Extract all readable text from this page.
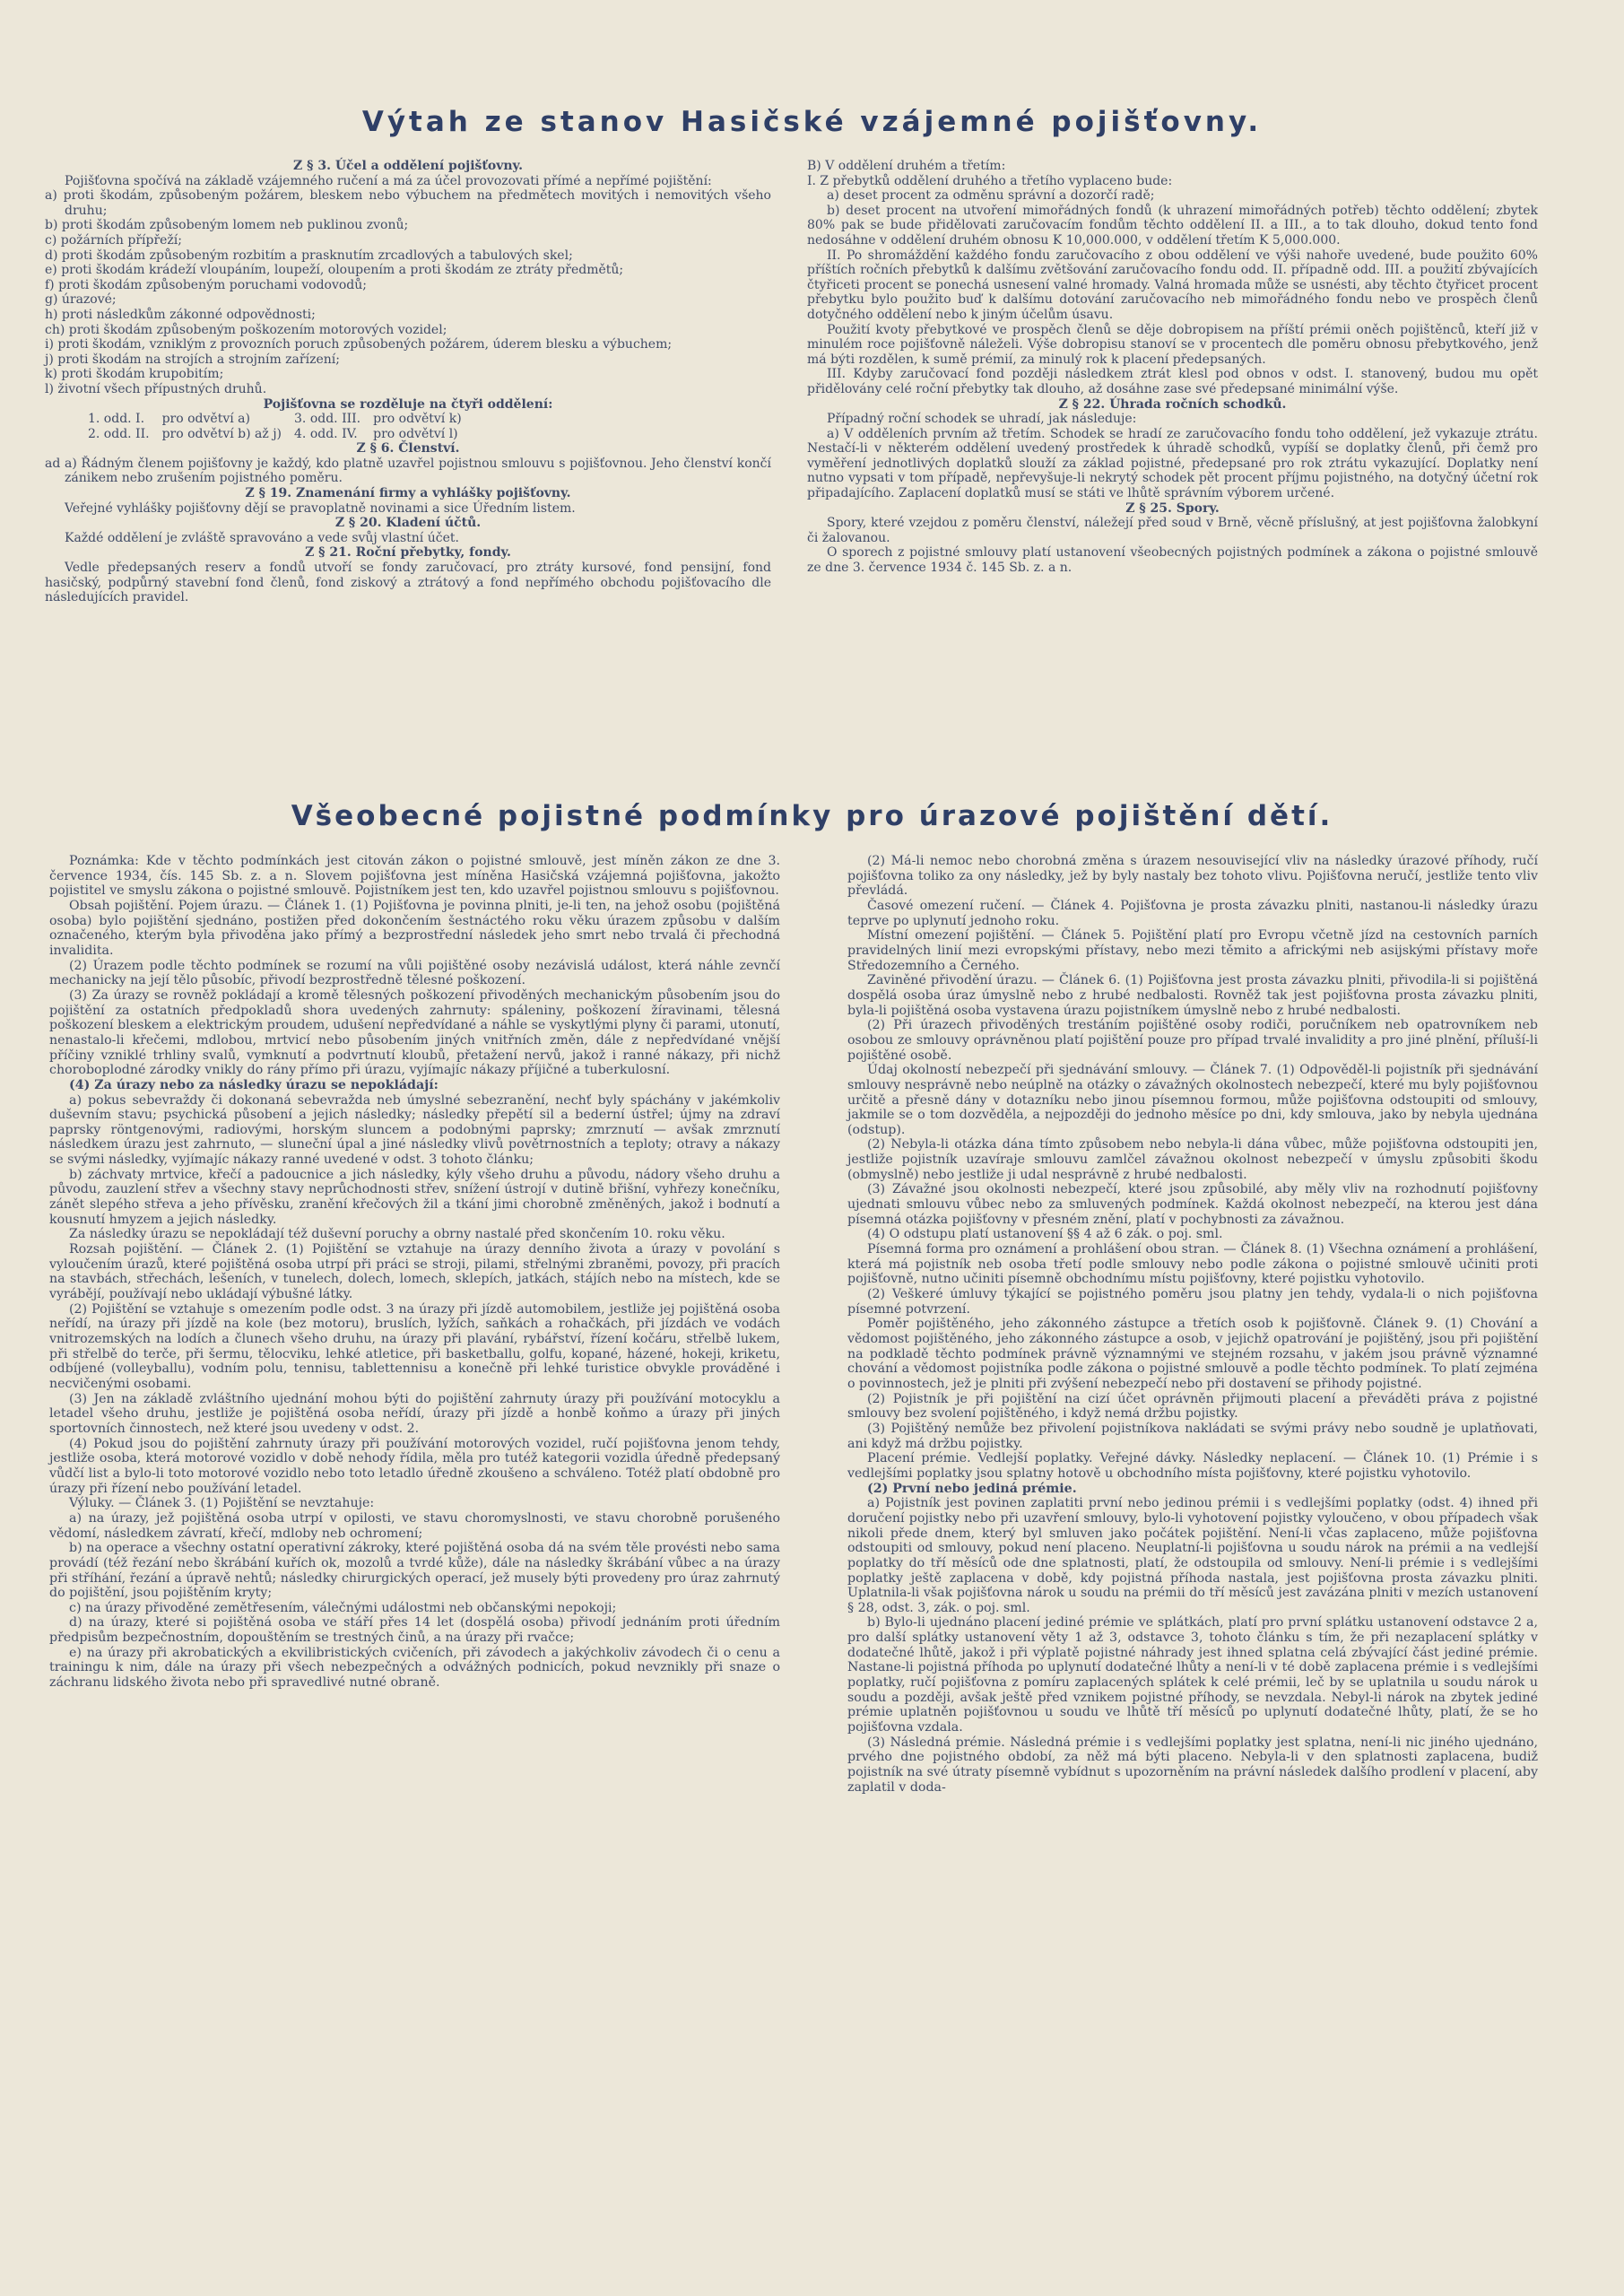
Výtah ze stanov Hasičské vzájemné pojišťovny.

Z § 3. Účel a oddělení pojišťovny.

Pojišťovna spočívá na základě vzájemného ručení a má za účel provozovati přímé a nepřímé pojištění:

a) proti škodám, způsobeným požárem, bleskem nebo výbuchem na předmětech movitých i nemovitých všeho druhu;

b) proti škodám způsobeným lomem neb puklinou zvonů;

c) požárních přípřeží;

d) proti škodám způsobeným rozbitím a prasknutím zrcadlových a tabulových skel;

e) proti škodám krádeží vloupáním, loupeží, oloupením a proti škodám ze ztráty předmětů;

f) proti škodám způsobeným poruchami vodovodů;

g) úrazové;

h) proti následkům zákonné odpovědnosti;

ch) proti škodám způsobeným poškozením motorových vozidel;

i) proti škodám, vzniklým z provozních poruch způsobených požárem, úderem blesku a výbuchem;

j) proti škodám na strojích a strojním zařízení;

k) proti škodám krupobitím;

l) životní všech přípustných druhů.

Pojišťovna se rozděluje na čtyři oddělení:

1. odd. I.	pro odvětví a)	3. odd. III.	pro odvětví k)
2. odd. II.	pro odvětví b) až j)	4. odd. IV.	pro odvětví l)

Z § 6. Členství.

ad a) Řádným členem pojišťovny je každý, kdo platně uzavřel pojistnou smlouvu s pojišťovnou. Jeho členství končí zánikem nebo zrušením pojistného poměru.

Z § 19. Znamenání firmy a vyhlášky pojišťovny.

Veřejné vyhlášky pojišťovny dějí se pravoplatně novinami a sice Úředním listem.

Z § 20. Kladení účtů.

Každé oddělení je zvláště spravováno a vede svůj vlastní účet.

Z § 21. Roční přebytky, fondy.

Vedle předepsaných reserv a fondů utvoří se fondy zaručovací, pro ztráty kursové, fond pensijní, fond hasičský, podpůrný stavební fond členů, fond ziskový a ztrátový a fond nepřímého obchodu pojišťovacího dle následujících pravidel.

B) V oddělení druhém a třetím:

I. Z přebytků oddělení druhého a třetího vyplaceno bude:

a) deset procent za odměnu správní a dozorčí radě;

b) deset procent na utvoření mimořádných fondů (k uhrazení mimořádných potřeb) těchto oddělení; zbytek 80% pak se bude přidělovati zaručovacím fondům těchto oddělení II. a III., a to tak dlouho, dokud tento fond nedosáhne v oddělení druhém obnosu K 10,000.000, v oddělení třetím K 5,000.000.

II. Po shromáždění každého fondu zaručovacího z obou oddělení ve výši nahoře uvedené, bude použito 60% příštích ročních přebytků k dalšímu zvětšování zaručovacího fondu odd. II. případně odd. III. a použití zbývajících čtyřiceti procent se ponechá usnesení valné hromady. Valná hromada může se usnésti, aby těchto čtyřicet procent přebytku bylo použito buď k dalšímu dotování zaručovacího neb mimořádného fondu nebo ve prospěch členů dotyčného oddělení nebo k jiným účelům úsavu.

Použití kvoty přebytkové ve prospěch členů se děje dobropisem na příští prémii oněch pojištěnců, kteří již v minulém roce pojišťovně náleželi. Výše dobropisu stanoví se v procentech dle poměru obnosu přebytkového, jenž má býti rozdělen, k sumě prémií, za minulý rok k placení předepsaných.

III. Kdyby zaručovací fond později následkem ztrát klesl pod obnos v odst. I. stanovený, budou mu opět přidělovány celé roční přebytky tak dlouho, až dosáhne zase své předepsané minimální výše.

Z § 22. Úhrada ročních schodků.

Případný roční schodek se uhradí, jak následuje:

a) V odděleních prvním až třetím. Schodek se hradí ze zaručovacího fondu toho oddělení, jež vykazuje ztrátu. Nestačí-li v některém oddělení uvedený prostředek k úhradě schodků, vypíší se doplatky členů, při čemž pro vyměření jednotlivých doplatků slouží za základ pojistné, předepsané pro rok ztrátu vykazující. Doplatky není nutno vypsati v tom případě, nepřevyšuje-li nekrytý schodek pět procent příjmu pojistného, na dotyčný účetní rok připadajícího. Zaplacení doplatků musí se státi ve lhůtě správním výborem určené.

Z § 25. Spory.

Spory, které vzejdou z poměru členství, náležejí před soud v Brně, věcně příslušný, at jest pojišťovna žalobkyní či žalovanou.

O sporech z pojistné smlouvy platí ustanovení všeobecných pojistných podmínek a zákona o pojistné smlouvě ze dne 3. července 1934 č. 145 Sb. z. a n.

Všeobecné pojistné podmínky pro úrazové pojištění dětí.

Poznámka: Kde v těchto podmínkách jest citován zákon o pojistné smlouvě, jest míněn zákon ze dne 3. července 1934, čís. 145 Sb. z. a n. Slovem pojišťovna jest míněna Hasičská vzájemná pojišťovna, jakožto pojistitel ve smyslu zákona o pojistné smlouvě. Pojistníkem jest ten, kdo uzavřel pojistnou smlouvu s pojišťovnou.

Obsah pojištění. Pojem úrazu. — Článek 1. (1) Pojišťovna je povinna plniti, je-li ten, na jehož osobu (pojištěná osoba) bylo pojištění sjednáno, postižen před dokončením šestnáctého roku věku úrazem způsobu v dalším označeného, kterým byla přivoděna jako přímý a bezprostřední následek jeho smrt nebo trvalá či přechodná invalidita.

(2) Úrazem podle těchto podmínek se rozumí na vůli pojištěné osoby nezávislá událost, která náhle zevnčí mechanicky na její tělo působíc, přivodí bezprostředně tělesné poškození.

(3) Za úrazy se rovněž pokládají a kromě tělesných poškození přivoděných mechanickým působením jsou do pojištění za ostatních předpokladů shora uvedených zahrnuty: spáleniny, poškození žíravinami, tělesná poškození bleskem a elektrickým proudem, udušení nepředvídané a náhle se vyskytlými plyny či parami, utonutí, nenastalo-li křečemi, mdlobou, mrtvicí nebo působením jiných vnitřních změn, dále z nepředvídané vnější příčiny vzniklé trhliny svalů, vymknutí a podvrtnutí kloubů, přetažení nervů, jakož i ranné nákazy, při nichž choroboplodné zárodky vnikly do rány přímo při úrazu, vyjímajíc nákazy příjičné a tuberkulosní.

(4) Za úrazy nebo za následky úrazu se nepokládají:

a) pokus sebevraždy či dokonaná sebevražda neb úmyslné sebezranění, nechť byly spáchány v jakémkoliv duševním stavu; psychická působení a jejich následky; následky přepětí sil a bederní ústřel; újmy na zdraví paprsky röntgenovými, radiovými, horským sluncem a podobnými paprsky; zmrznutí — avšak zmrznutí následkem úrazu jest zahrnuto, — sluneční úpal a jiné následky vlivů povětrnostních a teploty; otravy a nákazy se svými následky, vyjímajíc nákazy ranné uvedené v odst. 3 tohoto článku;

b) záchvaty mrtvice, křečí a padoucnice a jich následky, kýly všeho druhu a původu, nádory všeho druhu a původu, zauzlení střev a všechny stavy neprůchodnosti střev, snížení ústrojí v dutině břišní, vyhřezy konečníku, zánět slepého střeva a jeho přívěsku, zranění křečových žil a tkání jimi chorobně změněných, jakož i bodnutí a kousnutí hmyzem a jejich následky.

Za následky úrazu se nepokládají též duševní poruchy a obrny nastalé před skončením 10. roku věku.

Rozsah pojištění. — Článek 2. (1) Pojištění se vztahuje na úrazy denního života a úrazy v povolání s vyloučením úrazů, které pojištěná osoba utrpí při práci se stroji, pilami, střelnými zbraněmi, povozy, při pracích na stavbách, střechách, lešeních, v tunelech, dolech, lomech, sklepích, jatkách, stájích nebo na místech, kde se vyrábějí, používají nebo ukládají výbušné látky.

(2) Pojištění se vztahuje s omezením podle odst. 3 na úrazy při jízdě automobilem, jestliže jej pojištěná osoba neřídí, na úrazy při jízdě na kole (bez motoru), bruslích, lyžích, saňkách a rohačkách, při jízdách ve vodách vnitrozemských na lodích a člunech všeho druhu, na úrazy při plavání, rybářství, řízení kočáru, střelbě lukem, při střelbě do terče, při šermu, tělocviku, lehké atletice, při basketballu, golfu, kopané, házené, hokeji, kriketu, odbíjené (volleyballu), vodním polu, tennisu, tablettennisu a konečně při lehké turistice obvykle prováděné i necvičenými osobami.

(3) Jen na základě zvláštního ujednání mohou býti do pojištění zahrnuty úrazy při používání motocyklu a letadel všeho druhu, jestliže je pojištěná osoba neřídí, úrazy při jízdě a honbě koňmo a úrazy při jiných sportovních činnostech, než které jsou uvedeny v odst. 2.

(4) Pokud jsou do pojištění zahrnuty úrazy při používání motorových vozidel, ručí pojišťovna jenom tehdy, jestliže osoba, která motorové vozidlo v době nehody řídila, měla pro tutéž kategorii vozidla úředně předepsaný vůdčí list a bylo-li toto motorové vozidlo nebo toto letadlo úředně zkoušeno a schváleno. Totéž platí obdobně pro úrazy při řízení nebo používání letadel.

Výluky. — Článek 3. (1) Pojištění se nevztahuje:

a) na úrazy, jež pojištěná osoba utrpí v opilosti, ve stavu choromyslnosti, ve stavu chorobně porušeného vědomí, následkem závratí, křečí, mdloby neb ochromení;

b) na operace a všechny ostatní operativní zákroky, které pojištěná osoba dá na svém těle provésti nebo sama provádí (též řezání nebo škrábání kuřích ok, mozolů a tvrdé kůže), dále na následky škrábání vůbec a na úrazy při stříhání, řezání a úpravě nehtů; následky chirurgických operací, jež musely býti provedeny pro úraz zahrnutý do pojištění, jsou pojištěním kryty;

c) na úrazy přivoděné zemětřesením, válečnými událostmi neb občanskými nepokoji;

d) na úrazy, které si pojištěná osoba ve stáří přes 14 let (dospělá osoba) přivodí jednáním proti úředním předpisům bezpečnostním, dopouštěním se trestných činů, a na úrazy při rvačce;

e) na úrazy při akrobatických a ekvilibristických cvičeních, při závodech a jakýchkoliv závodech či o cenu a trainingu k nim, dále na úrazy při všech nebezpečných a odvážných podnicích, pokud nevznikly při snaze o záchranu lidského života nebo při spravedlivé nutné obraně.

(2) Má-li nemoc nebo chorobná změna s úrazem nesouvisející vliv na následky úrazové příhody, ručí pojišťovna toliko za ony následky, jež by byly nastaly bez tohoto vlivu. Pojišťovna neručí, jestliže tento vliv převládá.

Časové omezení ručení. — Článek 4. Pojišťovna je prosta závazku plniti, nastanou-li následky úrazu teprve po uplynutí jednoho roku.

Místní omezení pojištění. — Článek 5. Pojištění platí pro Evropu včetně jízd na cestovních parních pravidelných linií mezi evropskými přístavy, nebo mezi těmito a africkými neb asijskými přístavy moře Středozemního a Černého.

Zaviněné přivodění úrazu. — Článek 6. (1) Pojišťovna jest prosta závazku plniti, přivodila-li si pojištěná dospělá osoba úraz úmyslně nebo z hrubé nedbalosti. Rovněž tak jest pojišťovna prosta závazku plniti, byla-li pojištěná osoba vystavena úrazu pojistníkem úmyslně nebo z hrubé nedbalosti.

(2) Při úrazech přivoděných trestáním pojištěné osoby rodiči, poručníkem neb opatrovníkem neb osobou ze smlouvy oprávněnou platí pojištění pouze pro případ trvalé invalidity a pro jiné plnění, příluší-li pojištěné osobě.

Údaj okolností nebezpečí při sjednávání smlouvy. — Článek 7. (1) Odpověděl-li pojistník při sjednávání smlouvy nesprávně nebo neúplně na otázky o závažných okolnostech nebezpečí, které mu byly pojišťovnou určitě a přesně dány v dotazníku nebo jinou písemnou formou, může pojišťovna odstoupiti od smlouvy, jakmile se o tom dozvěděla, a nejpozději do jednoho měsíce po dni, kdy smlouva, jako by nebyla ujednána (odstup).

(2) Nebyla-li otázka dána tímto způsobem nebo nebyla-li dána vůbec, může pojišťovna odstoupiti jen, jestliže pojistník uzavíraje smlouvu zamlčel závažnou okolnost nebezpečí v úmyslu způsobiti škodu (obmyslně) nebo jestliže ji udal nesprávně z hrubé nedbalosti.

(3) Závažné jsou okolnosti nebezpečí, které jsou způsobilé, aby měly vliv na rozhodnutí pojišťovny ujednati smlouvu vůbec nebo za smluvených podmínek. Každá okolnost nebezpečí, na kterou jest dána písemná otázka pojišťovny v přesném znění, platí v pochybnosti za závažnou.

(4) O odstupu platí ustanovení §§ 4 až 6 zák. o poj. sml.

Písemná forma pro oznámení a prohlášení obou stran. — Článek 8. (1) Všechna oznámení a prohlášení, která má pojistník neb osoba třetí podle smlouvy nebo podle zákona o pojistné smlouvě učiniti proti pojišťovně, nutno učiniti písemně obchodnímu místu pojišťovny, které pojistku vyhotovilo.

(2) Veškeré úmluvy týkající se pojistného poměru jsou platny jen tehdy, vydala-li o nich pojišťovna písemné potvrzení.

Poměr pojištěného, jeho zákonného zástupce a třetích osob k pojišťovně. Článek 9. (1) Chování a vědomost pojištěného, jeho zákonného zástupce a osob, v jejichž opatrování je pojištěný, jsou při pojištění na podkladě těchto podmínek právně významnými ve stejném rozsahu, v jakém jsou právně významné chování a vědomost pojistníka podle zákona o pojistné smlouvě a podle těchto podmínek. To platí zejména o povinnostech, jež je plniti při zvýšení nebezpečí nebo při dostavení se přihody pojistné.

(2) Pojistník je při pojištění na cizí účet oprávněn přijmouti placení a převáděti práva z pojistné smlouvy bez svolení pojištěného, i když nemá držbu pojistky.

(3) Pojištěný nemůže bez přivolení pojistníkova nakládati se svými právy nebo soudně je uplatňovati, ani když má držbu pojistky.

Placení prémie. Vedlejší poplatky. Veřejné dávky. Následky neplacení. — Článek 10. (1) Prémie i s vedlejšími poplatky jsou splatny hotově u obchodního místa pojišťovny, které pojistku vyhotovilo.

(2) První nebo jediná prémie.

a) Pojistník jest povinen zaplatiti první nebo jedinou prémii i s vedlejšími poplatky (odst. 4) ihned při doručení pojistky nebo při uzavření smlouvy, bylo-li vyhotovení pojistky vyloučeno, v obou případech však nikoli přede dnem, který byl smluven jako počátek pojištění. Není-li včas zaplaceno, může pojišťovna odstoupiti od smlouvy, pokud není placeno. Neuplatní-li pojišťovna u soudu nárok na prémii a na vedlejší poplatky do tří měsíců ode dne splatnosti, platí, že odstoupila od smlouvy. Není-li prémie i s vedlejšími poplatky ještě zaplacena v době, kdy pojistná příhoda nastala, jest pojišťovna prosta závazku plniti. Uplatnila-li však pojišťovna nárok u soudu na prémii do tří měsíců jest zavázána plniti v mezích ustanovení § 28, odst. 3, zák. o poj. sml.

b) Bylo-li ujednáno placení jediné prémie ve splátkách, platí pro první splátku ustanovení odstavce 2 a, pro další splátky ustanovení věty 1 až 3, odstavce 3, tohoto článku s tím, že při nezaplacení splátky v dodatečné lhůtě, jakož i při výplatě pojistné náhrady jest ihned splatna celá zbývající část jediné prémie. Nastane-li pojistná příhoda po uplynutí dodatečné lhůty a není-li v té době zaplacena prémie i s vedlejšími poplatky, ručí pojišťovna z pomíru zaplacených splátek k celé prémii, leč by se uplatnila u soudu nárok u soudu a později, avšak ještě před vznikem pojistné příhody, se nevzdala. Nebyl-li nárok na zbytek jediné prémie uplatněn pojišťovnou u soudu ve lhůtě tří měsíců po uplynutí dodatečné lhůty, platí, že se ho pojišťovna vzdala.

(3) Následná prémie. Následná prémie i s vedlejšími poplatky jest splatna, není-li nic jiného ujednáno, prvého dne pojistného období, za něž má býti placeno. Nebyla-li v den splatnosti zaplacena, budiž pojistník na své útraty písemně vybídnut s upozorněním na právní následek dalšího prodlení v placení, aby zaplatil v doda-
